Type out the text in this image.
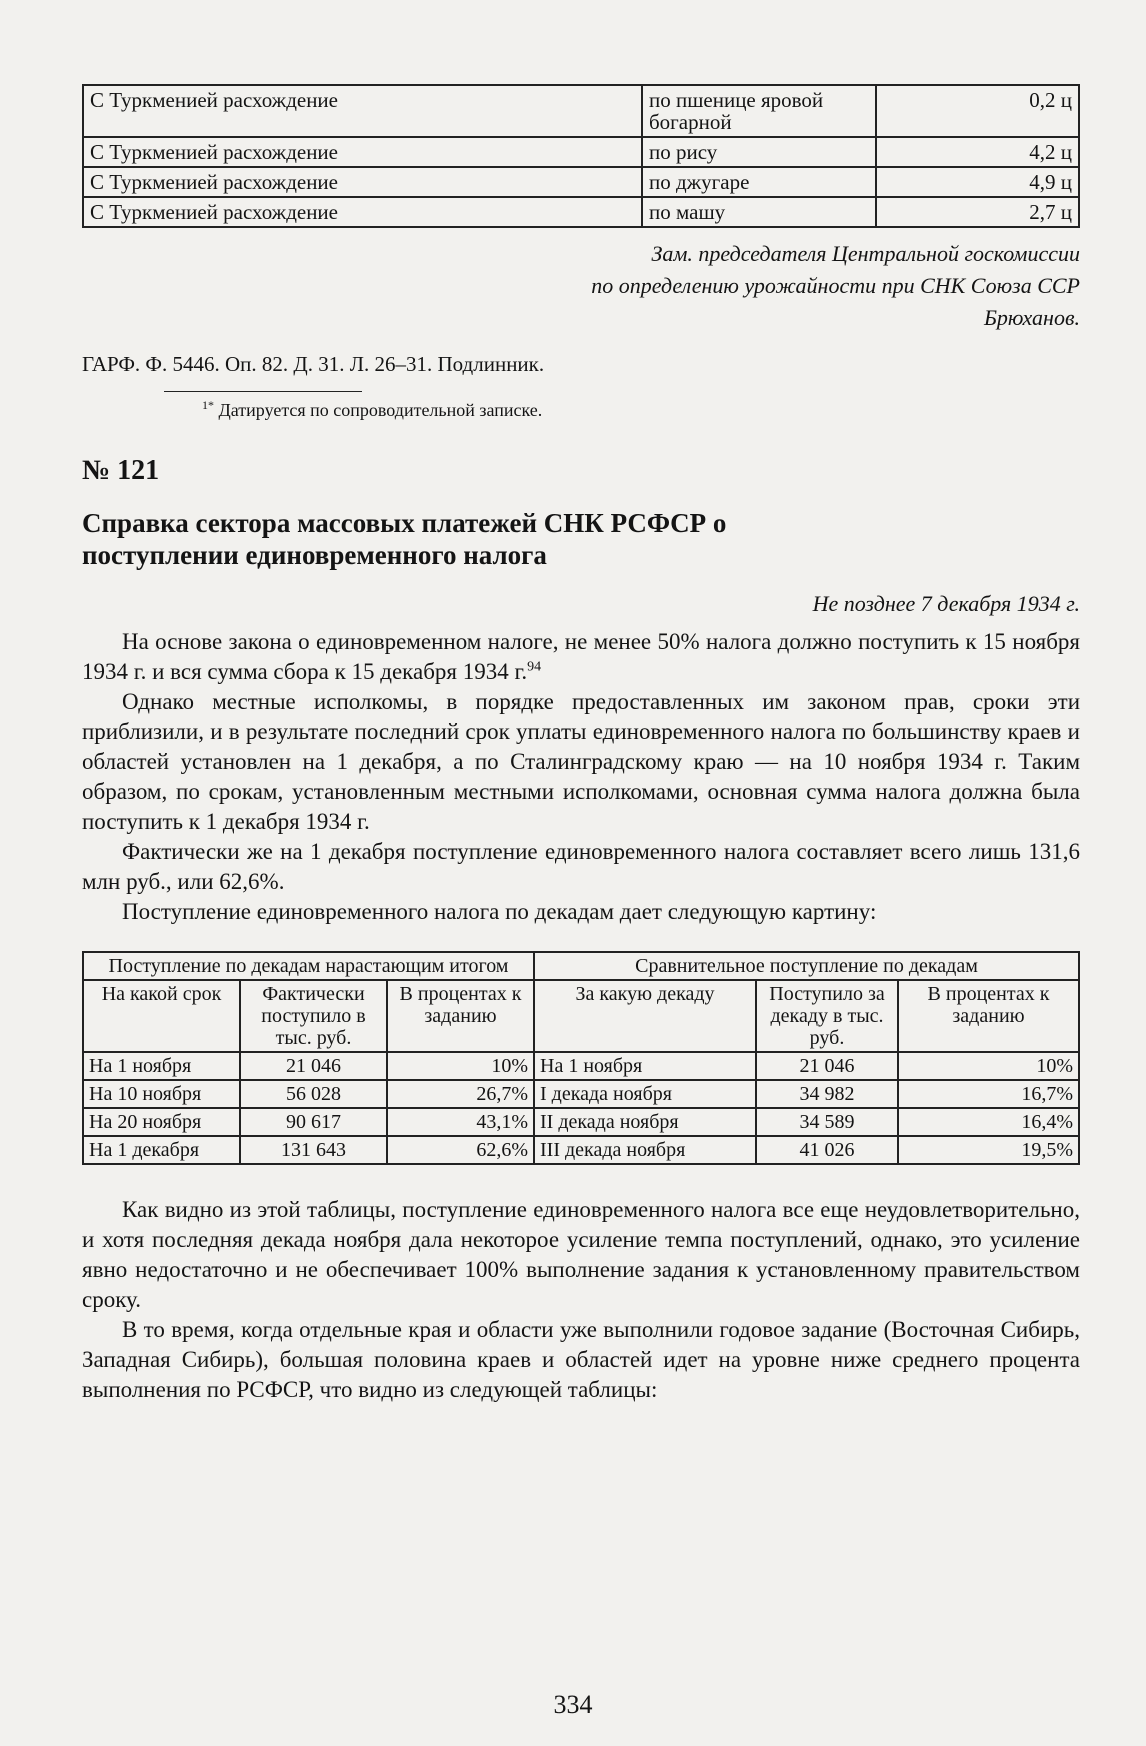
С Туркменией расхождение	по пшенице яровой богарной	0,2 ц
С Туркменией расхождение	по рису	4,2 ц
С Туркменией расхождение	по джугаре	4,9 ц
С Туркменией расхождение	по машу	2,7 ц
Зам. председателя Центральной госкомиссии
по определению урожайности при СНК Союза ССР
Брюханов.
ГАРФ. Ф. 5446. Оп. 82. Д. 31. Л. 26–31. Подлинник.
$^{1*}$ Датируется по сопроводительной записке.
№ 121
Справка сектора массовых платежей СНК РСФСР о поступлении единовременного налога
Не позднее 7 декабря 1934 г.

На основе закона о единовременном налоге, не менее 50% налога должно поступить к 15 ноября 1934 г. и вся сумма сбора к 15 декабря 1934 г.$^{94}$

Однако местные исполкомы, в порядке предоставленных им законом прав, сроки эти приблизили, и в результате последний срок уплаты единовременного налога по большинству краев и областей установлен на 1 декабря, а по Сталинградскому краю — на 10 ноября 1934 г. Таким образом, по срокам, установленным местными исполкомами, основная сумма налога должна была поступить к 1 декабря 1934 г.

Фактически же на 1 декабря поступление единовременного налога составляет всего лишь 131,6 млн руб., или 62,6%.

Поступление единовременного налога по декадам дает следующую картину:

Поступление по декадам нарастающим итогом			Сравнительное поступление по декадам		
На какой срок	Фактически поступило в тыс. руб.	В процентах к заданию	За какую декаду	Поступило за декаду в тыс. руб.	В процентах к заданию
На 1 ноября	21 046	10%	На 1 ноября	21 046	10%
На 10 ноября	56 028	26,7%	I декада ноября	34 982	16,7%
На 20 ноября	90 617	43,1%	II декада ноября	34 589	16,4%
На 1 декабря	131 643	62,6%	III декада ноября	41 026	19,5%

Как видно из этой таблицы, поступление единовременного налога все еще неудовлетворительно, и хотя последняя декада ноября дала некоторое усиление темпа поступлений, однако, это усиление явно недостаточно и не обеспечивает 100% выполнение задания к установленному правительством сроку.

В то время, когда отдельные края и области уже выполнили годовое задание (Восточная Сибирь, Западная Сибирь), большая половина краев и областей идет на уровне ниже среднего процента выполнения по РСФСР, что видно из следующей таблицы:

334
